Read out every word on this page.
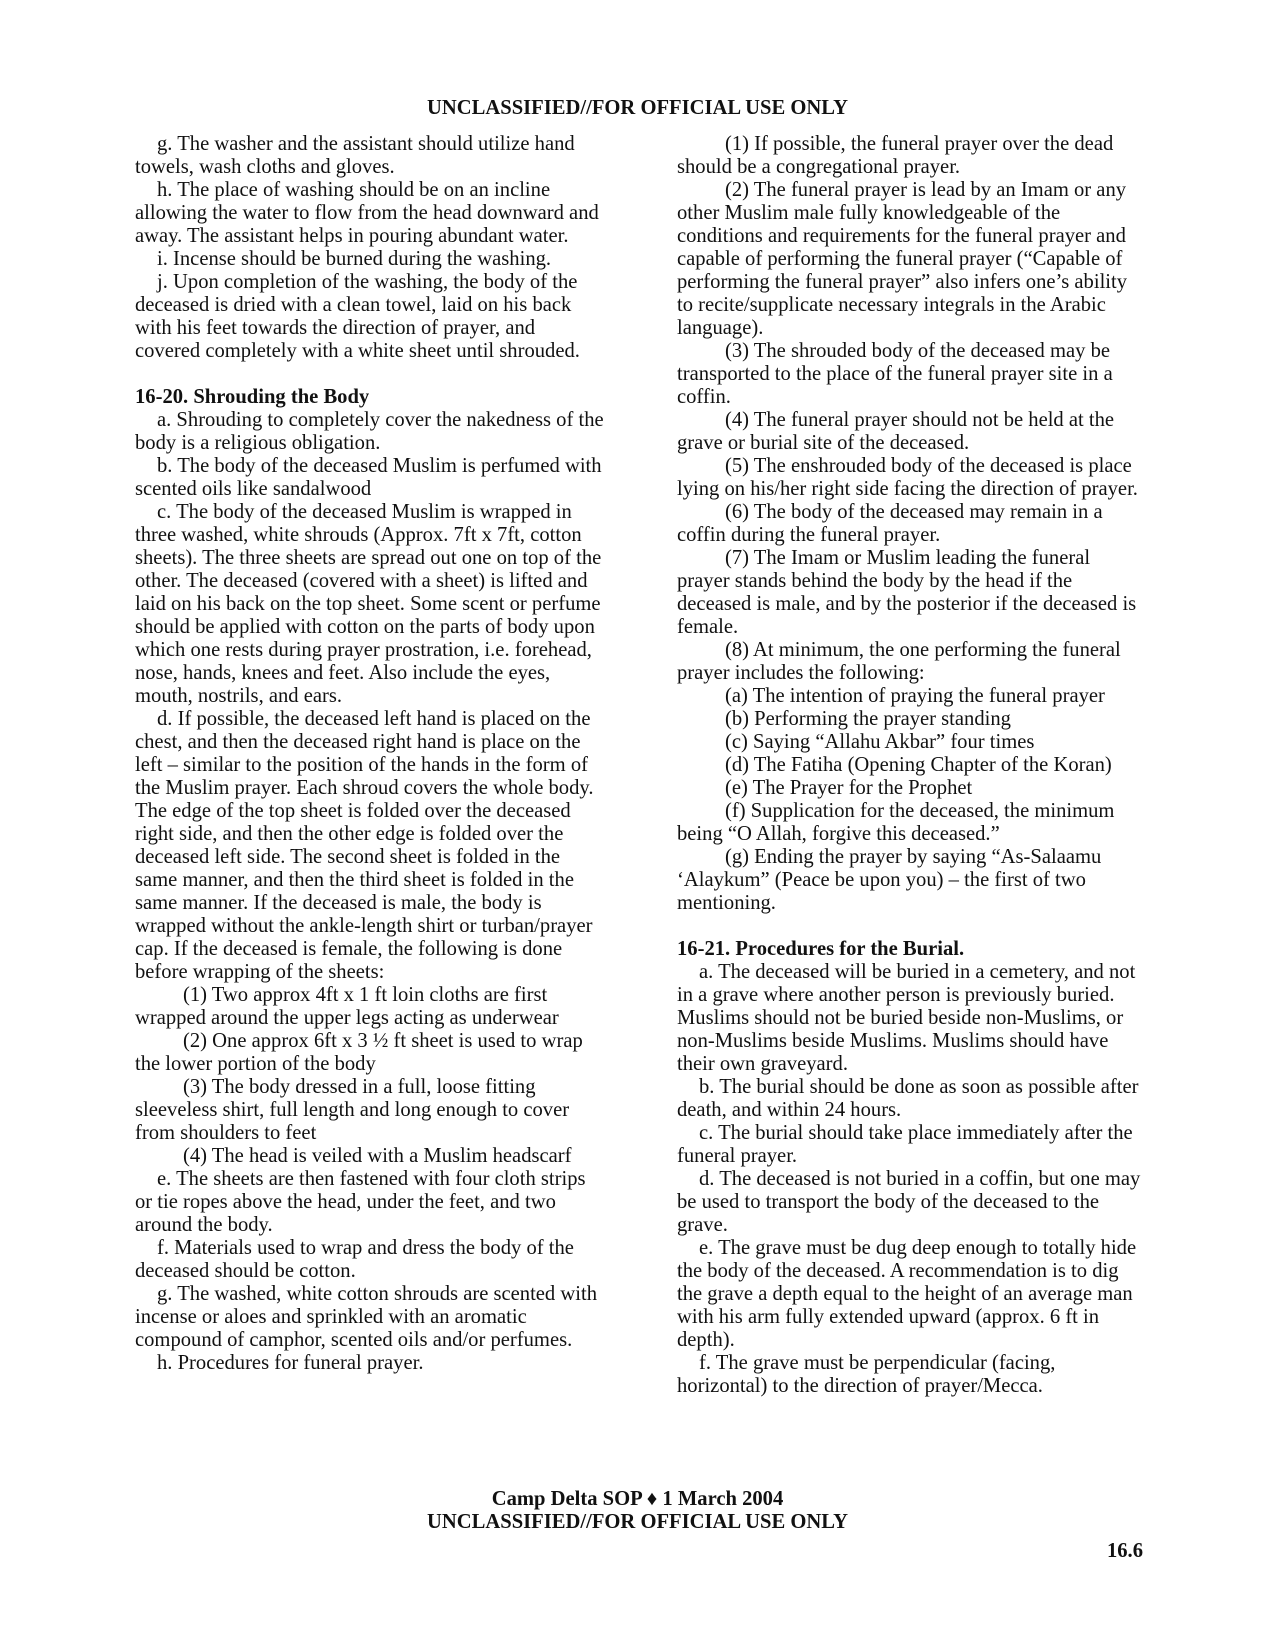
UNCLASSIFIED//FOR OFFICIAL USE ONLY

g. The washer and the assistant should utilize hand towels, wash cloths and gloves.

h. The place of washing should be on an incline allowing the water to flow from the head downward and away. The assistant helps in pouring abundant water.

i. Incense should be burned during the washing.

j. Upon completion of the washing, the body of the deceased is dried with a clean towel, laid on his back with his feet towards the direction of prayer, and covered completely with a white sheet until shrouded.

16-20. Shrouding the Body

a. Shrouding to completely cover the nakedness of the body is a religious obligation.

b. The body of the deceased Muslim is perfumed with scented oils like sandalwood

c. The body of the deceased Muslim is wrapped in three washed, white shrouds (Approx. 7ft x 7ft, cotton sheets). The three sheets are spread out one on top of the other. The deceased (covered with a sheet) is lifted and laid on his back on the top sheet. Some scent or perfume should be applied with cotton on the parts of body upon which one rests during prayer prostration, i.e. forehead, nose, hands, knees and feet. Also include the eyes, mouth, nostrils, and ears.

d. If possible, the deceased left hand is placed on the chest, and then the deceased right hand is place on the left – similar to the position of the hands in the form of the Muslim prayer. Each shroud covers the whole body. The edge of the top sheet is folded over the deceased right side, and then the other edge is folded over the deceased left side. The second sheet is folded in the same manner, and then the third sheet is folded in the same manner. If the deceased is male, the body is wrapped without the ankle-length shirt or turban/prayer cap. If the deceased is female, the following is done before wrapping of the sheets:

(1) Two approx 4ft x 1 ft loin cloths are first wrapped around the upper legs acting as underwear

(2) One approx 6ft x 3 ½ ft sheet is used to wrap the lower portion of the body

(3) The body dressed in a full, loose fitting sleeveless shirt, full length and long enough to cover from shoulders to feet

(4) The head is veiled with a Muslim headscarf

e. The sheets are then fastened with four cloth strips or tie ropes above the head, under the feet, and two around the body.

f. Materials used to wrap and dress the body of the deceased should be cotton.

g. The washed, white cotton shrouds are scented with incense or aloes and sprinkled with an aromatic compound of camphor, scented oils and/or perfumes.

h. Procedures for funeral prayer.

(1) If possible, the funeral prayer over the dead should be a congregational prayer.

(2) The funeral prayer is lead by an Imam or any other Muslim male fully knowledgeable of the conditions and requirements for the funeral prayer and capable of performing the funeral prayer (“Capable of performing the funeral prayer” also infers one’s ability to recite/supplicate necessary integrals in the Arabic language).

(3) The shrouded body of the deceased may be transported to the place of the funeral prayer site in a coffin.

(4) The funeral prayer should not be held at the grave or burial site of the deceased.

(5) The enshrouded body of the deceased is place lying on his/her right side facing the direction of prayer.

(6) The body of the deceased may remain in a coffin during the funeral prayer.

(7) The Imam or Muslim leading the funeral prayer stands behind the body by the head if the deceased is male, and by the posterior if the deceased is female.

(8) At minimum, the one performing the funeral prayer includes the following:

(a) The intention of praying the funeral prayer

(b) Performing the prayer standing

(c) Saying “Allahu Akbar” four times

(d) The Fatiha (Opening Chapter of the Koran)

(e) The Prayer for the Prophet

(f) Supplication for the deceased, the minimum being “O Allah, forgive this deceased.”

(g) Ending the prayer by saying “As-Salaamu ‘Alaykum” (Peace be upon you) – the first of two mentioning.

16-21. Procedures for the Burial.

a. The deceased will be buried in a cemetery, and not in a grave where another person is previously buried. Muslims should not be buried beside non-Muslims, or non-Muslims beside Muslims. Muslims should have their own graveyard.

b. The burial should be done as soon as possible after death, and within 24 hours.

c. The burial should take place immediately after the funeral prayer.

d. The deceased is not buried in a coffin, but one may be used to transport the body of the deceased to the grave.

e. The grave must be dug deep enough to totally hide the body of the deceased. A recommendation is to dig the grave a depth equal to the height of an average man with his arm fully extended upward (approx. 6 ft in depth).

f. The grave must be perpendicular (facing, horizontal) to the direction of prayer/Mecca.

Camp Delta SOP ♦ 1 March 2004
UNCLASSIFIED//FOR OFFICIAL USE ONLY
16.6
